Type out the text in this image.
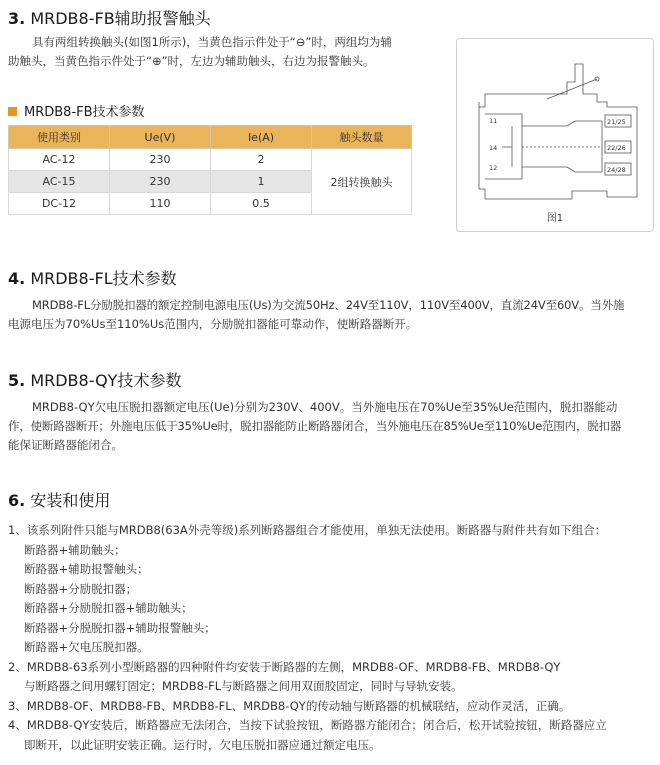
3. MRDB8-FB辅助报警触头
具有两组转换触头(如图1所示)，当黄色指示件处于“⊖”时，两组均为辅
助触头，当黄色指示件处于“⊕”时，左边为辅助触头，右边为报警触头。
MRDB8-FB技术参数
使用类别	Ue(V)	Ie(A)	触头数量
AC-12	230	2	2组转换触头
AC-15	230	1	
DC-12	110	0.5	
11
14
12
21/25
22/26
24/28
图1
4. MRDB8-FL技术参数
MRDB8-FL分励脱扣器的额定控制电源电压(Us)为交流50Hz、24V至110V，110V至400V，直流24V至60V。当外施
电源电压为70%Us至110%Us范围内，分励脱扣器能可靠动作，使断路器断开。
5. MRDB8-QY技术参数
MRDB8-QY欠电压脱扣器额定电压(Ue)分别为230V、400V。当外施电压在70%Ue至35%Ue范围内，脱扣器能动
作，使断路器断开；外施电压低于35%Ue时，脱扣器能防止断路器闭合，当外施电压在85%Ue至110%Ue范围内，脱扣器
能保证断路器能闭合。
6. 安装和使用
1、该系列附件只能与MRDB8(63A外壳等级)系列断路器组合才能使用，单独无法使用。断路器与附件共有如下组合：
断路器+辅助触头；
断路器+辅助报警触头；
断路器+分励脱扣器；
断路器+分励脱扣器+辅助触头；
断路器+分脱脱扣器+辅助报警触头；
断路器+欠电压脱扣器。
2、MRDB8-63系列小型断路器的四种附件均安装于断路器的左侧，MRDB8-OF、MRDB8-FB、MRDB8-QY
与断路器之间用螺钉固定；MRDB8-FL与断路器之间用双面胶固定，同时与导轨安装。
3、MRDB8-OF、MRDB8-FB、MRDB8-FL、MRDB8-QY的传动轴与断路器的机械联结，应动作灵活，正确。
4、MRDB8-QY安装后，断路器应无法闭合，当按下试验按钮，断路器方能闭合；闭合后，松开试验按钮，断路器应立
即断开，以此证明安装正确。运行时，欠电压脱扣器应通过额定电压。
